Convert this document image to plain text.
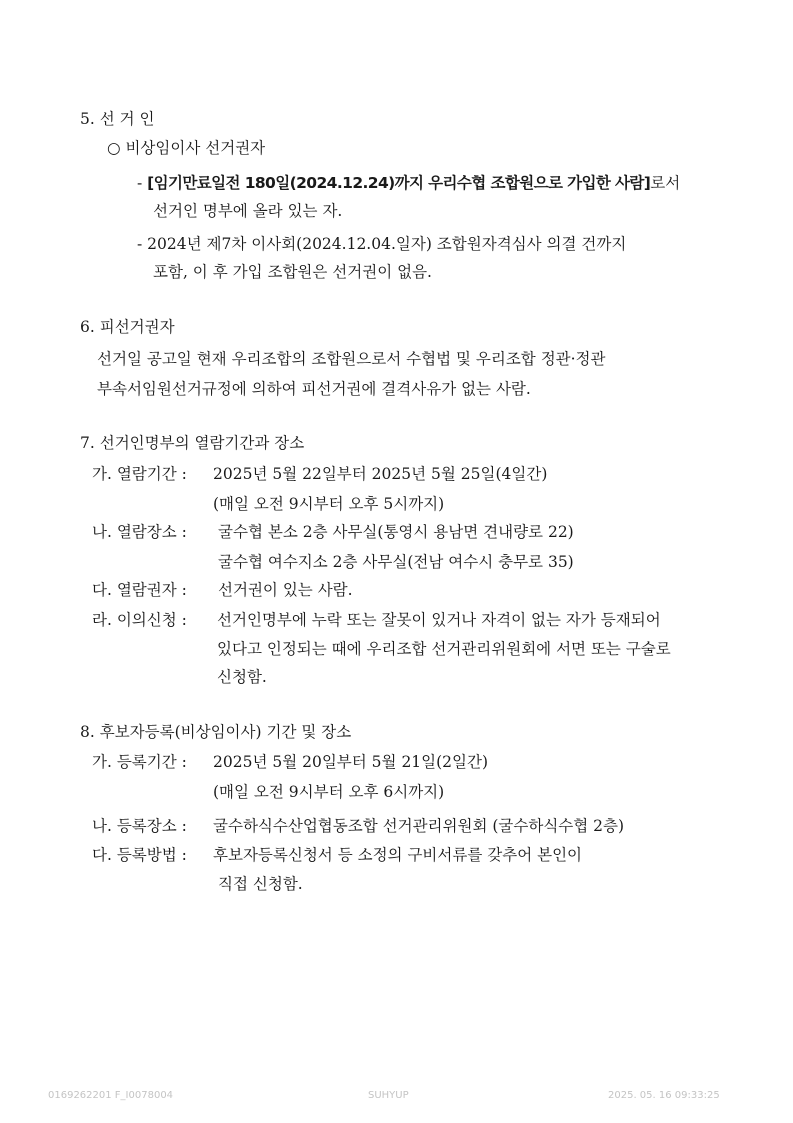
5. 선 거 인
○ 비상임이사 선거권자
- [임기만료일전 180일(2024.12.24)까지 우리수협 조합원으로 가입한 사람]로서
선거인 명부에 올라 있는 자.
- 2024년 제7차 이사회(2024.12.04.일자) 조합원자격심사 의결 건까지
포함, 이 후 가입 조합원은 선거권이 없음.
6. 피선거권자
선거일 공고일 현재 우리조합의 조합원으로서 수협법 및 우리조합 정관·정관
부속서임원선거규정에 의하여 피선거권에 결격사유가 없는 사람.
7. 선거인명부의 열람기간과 장소
가. 열람기간 : 2025년 5월 22일부터 2025년 5월 25일(4일간)
(매일 오전 9시부터 오후 5시까지)
나. 열람장소 : 굴수협 본소 2층 사무실(통영시 용남면 견내량로 22)
굴수협 여수지소 2층 사무실(전남 여수시 충무로 35)
다. 열람권자 : 선거권이 있는 사람.
라. 이의신청 : 선거인명부에 누락 또는 잘못이 있거나 자격이 없는 자가 등재되어
있다고 인정되는 때에 우리조합 선거관리위원회에 서면 또는 구술로
신청함.
8. 후보자등록(비상임이사) 기간 및 장소
가. 등록기간 : 2025년 5월 20일부터 5월 21일(2일간)
(매일 오전 9시부터 오후 6시까지)
나. 등록장소 : 굴수하식수산업협동조합 선거관리위원회 (굴수하식수협 2층)
다. 등록방법 : 후보자등록신청서 등 소정의 구비서류를 갖추어 본인이
직접 신청함.
0169262201 F_I0078004	SUHYUP	2025. 05. 16 09:33:25
